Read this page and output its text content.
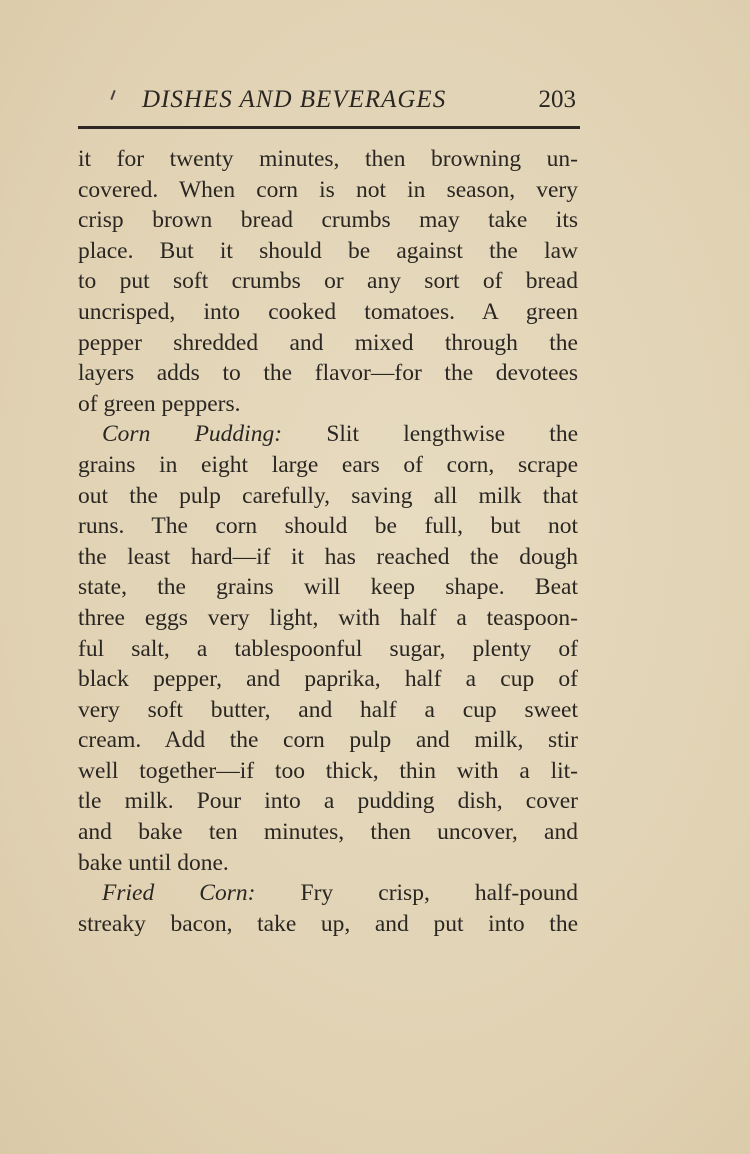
DISHES AND BEVERAGES	203
it for twenty minutes, then browning un-
covered. When corn is not in season, very
crisp brown bread crumbs may take its
place. But it should be against the law
to put soft crumbs or any sort of bread
uncrisped, into cooked tomatoes. A green
pepper shredded and mixed through the
layers adds to the flavor—for the devotees
of green peppers.
Corn Pudding: Slit lengthwise the
grains in eight large ears of corn, scrape
out the pulp carefully, saving all milk that
runs. The corn should be full, but not
the least hard—if it has reached the dough
state, the grains will keep shape. Beat
three eggs very light, with half a teaspoon-
ful salt, a tablespoonful sugar, plenty of
black pepper, and paprika, half a cup of
very soft butter, and half a cup sweet
cream. Add the corn pulp and milk, stir
well together—if too thick, thin with a lit-
tle milk. Pour into a pudding dish, cover
and bake ten minutes, then uncover, and
bake until done.
Fried Corn: Fry crisp, half-pound
streaky bacon, take up, and put into the
